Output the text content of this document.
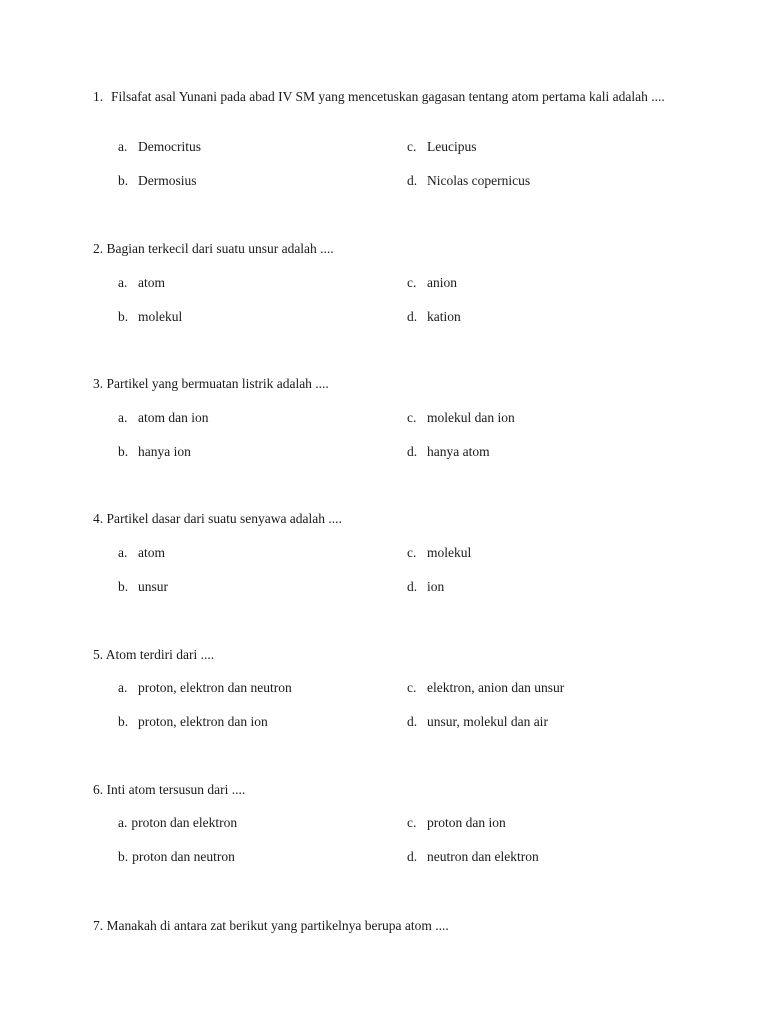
1. Filsafat asal Yunani pada abad IV SM yang mencetuskan gagasan tentang atom pertama kali adalah ....
a. Democritus	c. Leucipus
b. Dermosius	d. Nicolas copernicus
2. Bagian terkecil dari suatu unsur adalah ....
a. atom	c. anion
b. molekul	d. kation
3. Partikel yang bermuatan listrik adalah ....
a. atom dan ion	c. molekul dan ion
b. hanya ion	d. hanya atom
4. Partikel dasar dari suatu senyawa adalah ....
a. atom	c. molekul
b. unsur	d. ion
5. Atom terdiri dari ....
a. proton, elektron dan neutron	c. elektron, anion dan unsur
b. proton, elektron dan ion	d. unsur, molekul dan air
6. Inti atom tersusun dari ....
a. proton dan elektron	c. proton dan ion
b. proton dan neutron	d. neutron dan elektron
7. Manakah di antara zat berikut yang partikelnya berupa atom ....
